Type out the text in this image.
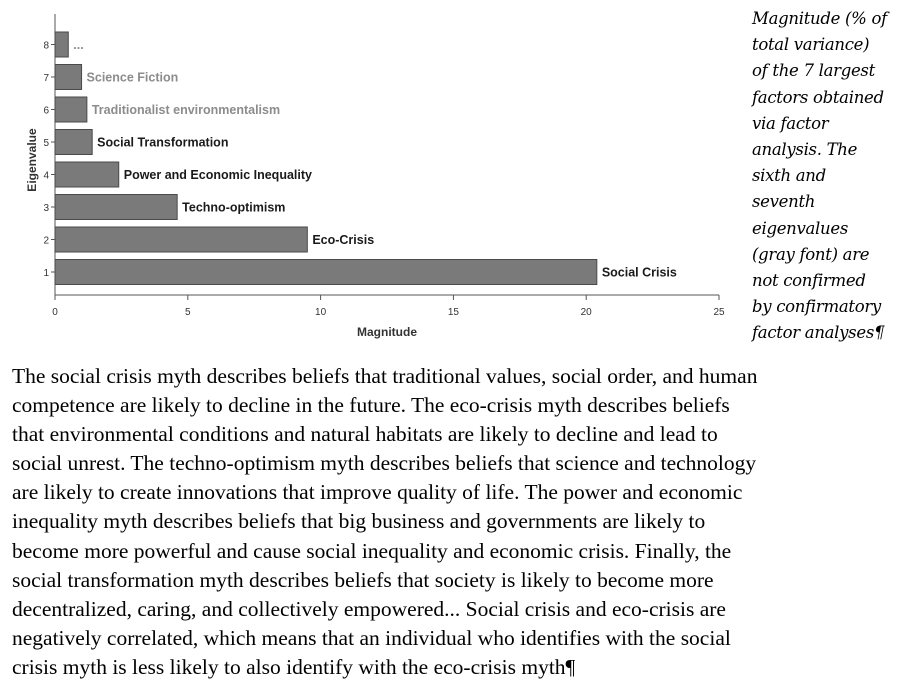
0	5	10	15	20	25
1	Social Crisis
2	Eco-Crisis
3	Techno-optimism
4	Power and Economic Inequality
5	Social Transformation
6	Traditionalist environmentalism
7	Science Fiction
8 ...
Magnitude
Eigenvalue
Magnitude (% of
total variance)
of the 7 largest
factors obtained
via factor
analysis. The
sixth and
seventh
eigenvalues
(gray font) are
not confirmed
by confirmatory
factor analyses¶
The social crisis myth describes beliefs that traditional values, social order, and human
competence are likely to decline in the future. The eco-crisis myth describes beliefs
that environmental conditions and natural habitats are likely to decline and lead to
social unrest. The techno-optimism myth describes beliefs that science and technology
are likely to create innovations that improve quality of life. The power and economic
inequality myth describes beliefs that big business and governments are likely to
become more powerful and cause social inequality and economic crisis. Finally, the
social transformation myth describes beliefs that society is likely to become more
decentralized, caring, and collectively empowered... Social crisis and eco-crisis are
negatively correlated, which means that an individual who identifies with the social
crisis myth is less likely to also identify with the eco-crisis myth¶
